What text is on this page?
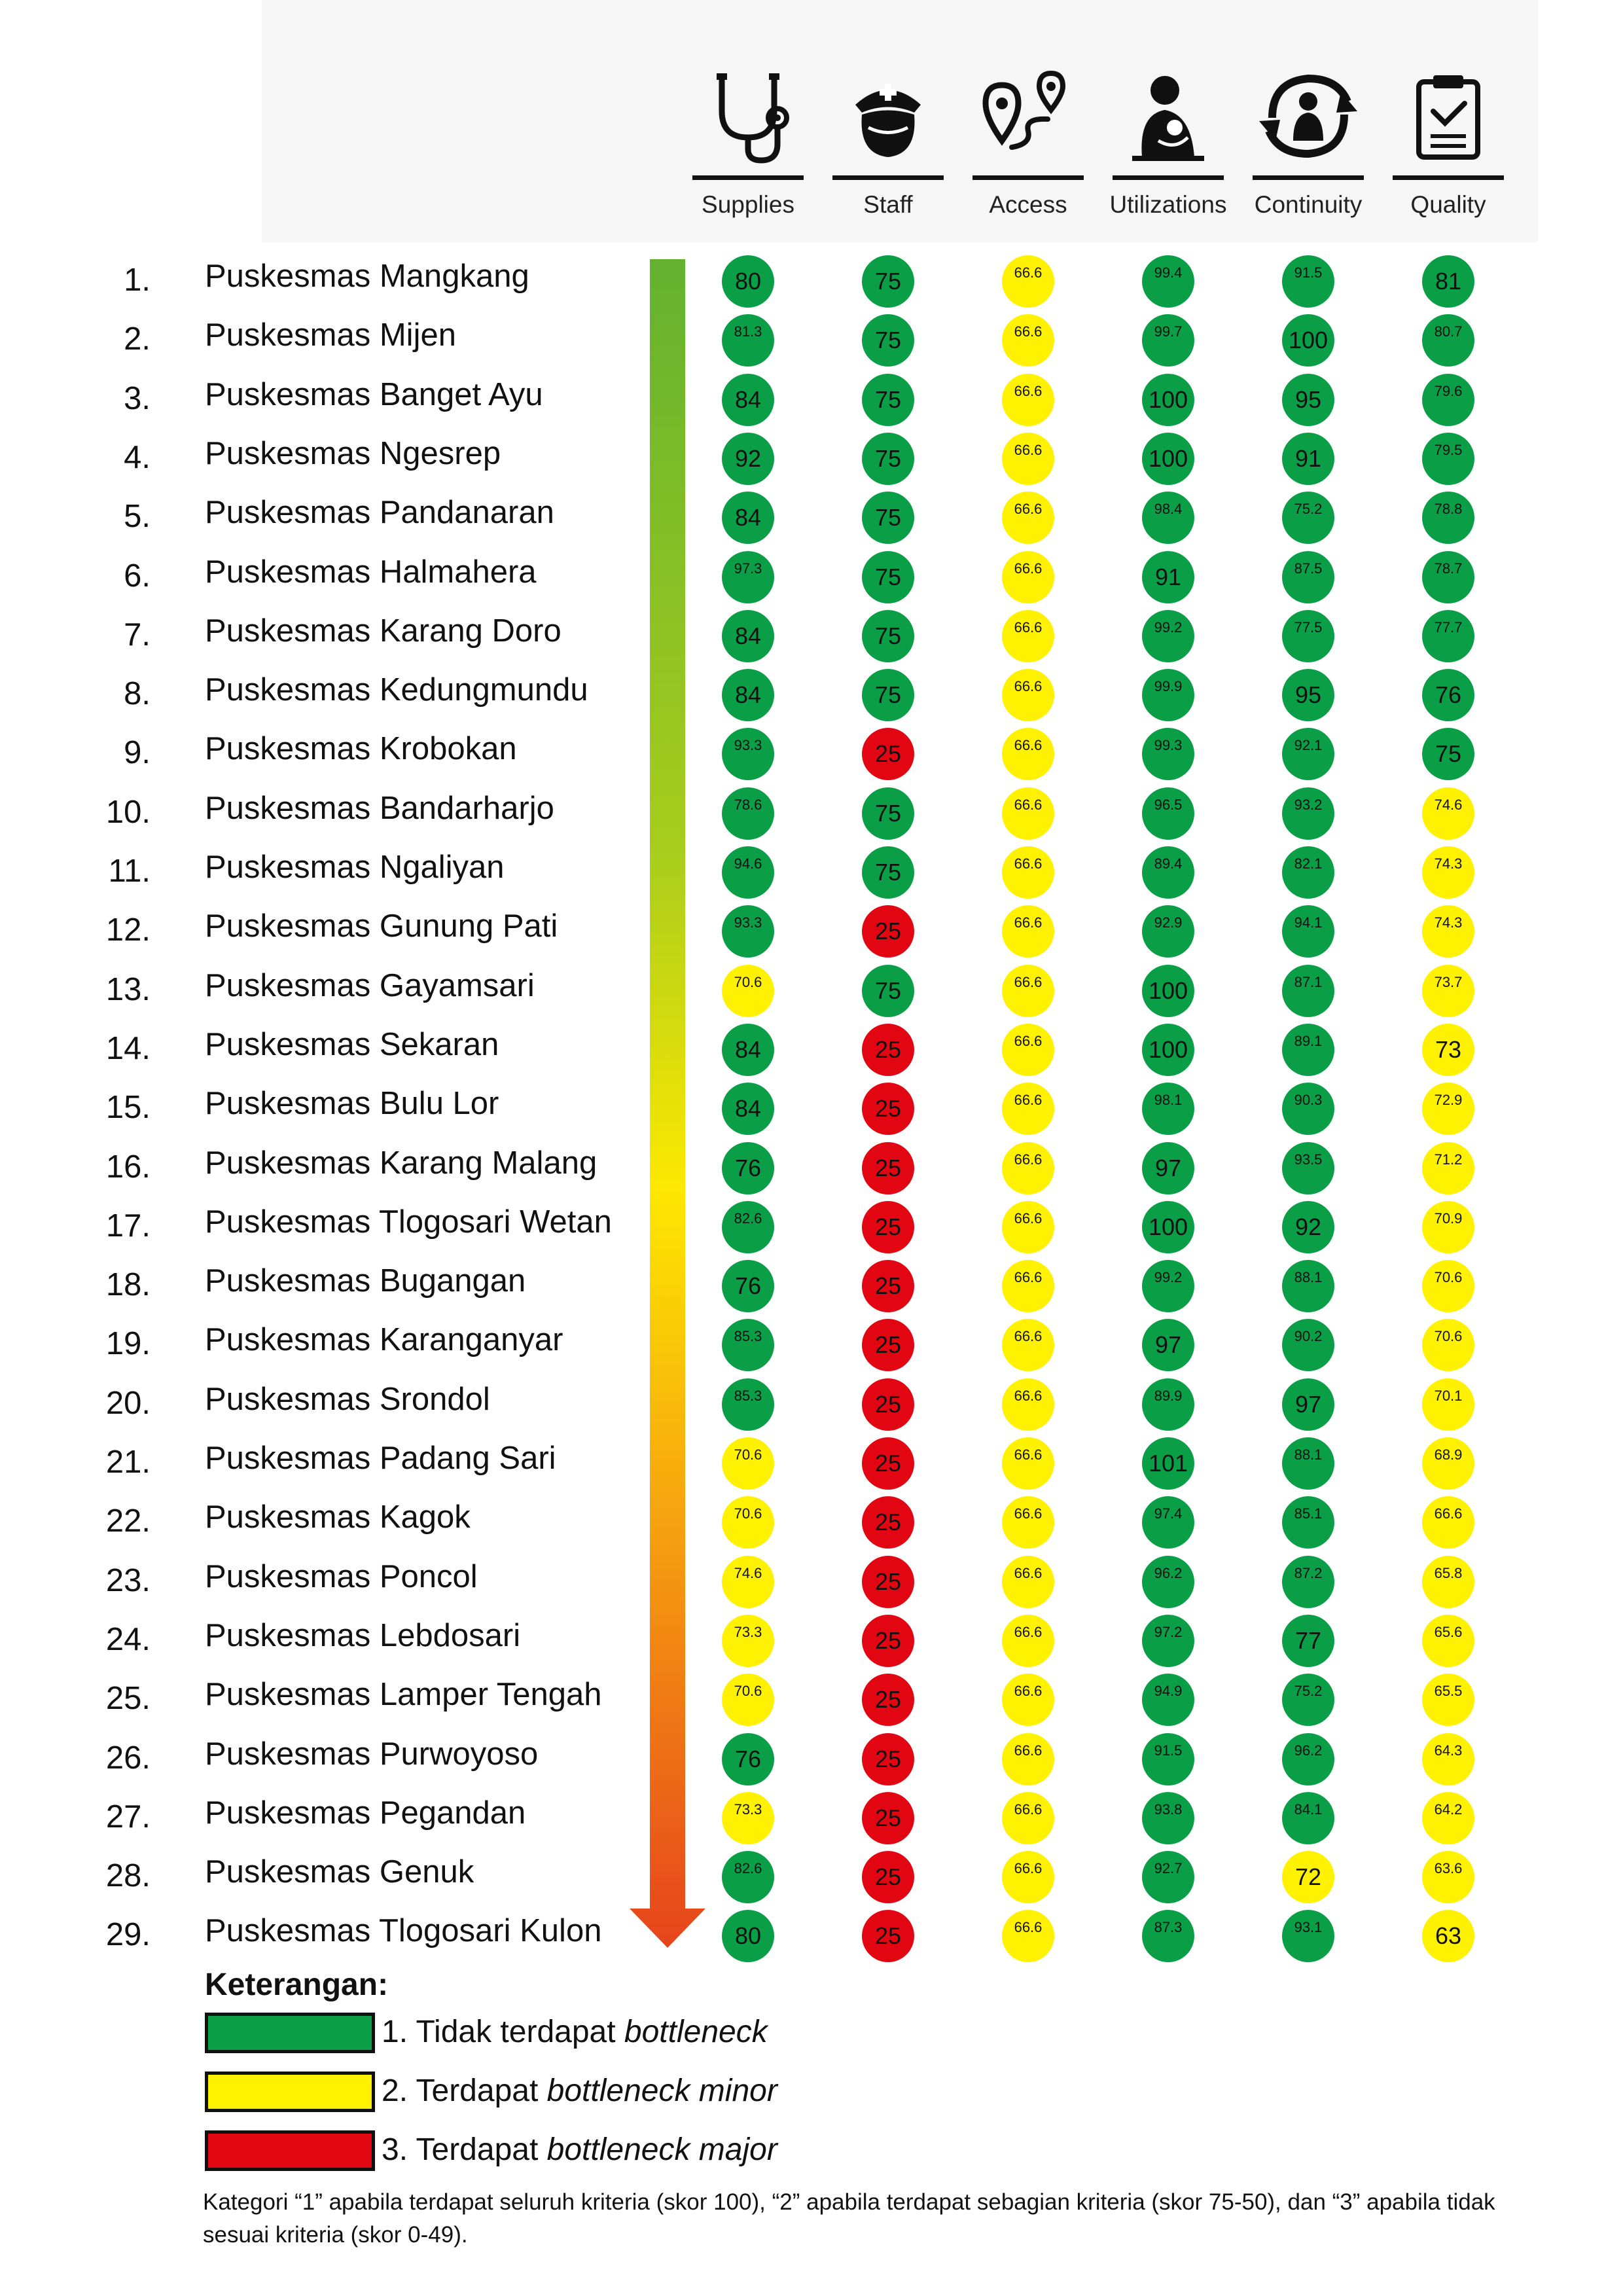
Supplies	Staff	Access	Utilizations	Continuity	Quality
1. Puskesmas Mangkang	80	75	66.6	99.4	91.5	81
2. Puskesmas Mijen	81.3	75	66.6	99.7	100	80.7
3. Puskesmas Banget Ayu	84	75	66.6	100	95	79.6
4. Puskesmas Ngesrep	92	75	66.6	100	91	79.5
5. Puskesmas Pandanaran	84	75	66.6	98.4	75.2	78.8
6. Puskesmas Halmahera	97.3	75	66.6	91	87.5	78.7
7. Puskesmas Karang Doro	84	75	66.6	99.2	77.5	77.7
8. Puskesmas Kedungmundu	84	75	66.6	99.9	95	76
9. Puskesmas Krobokan	93.3	25	66.6	99.3	92.1	75
10. Puskesmas Bandarharjo	78.6	75	66.6	96.5	93.2	74.6
11. Puskesmas Ngaliyan	94.6	75	66.6	89.4	82.1	74.3
12. Puskesmas Gunung Pati	93.3	25	66.6	92.9	94.1	74.3
13. Puskesmas Gayamsari	70.6	75	66.6	100	87.1	73.7
14. Puskesmas Sekaran	84	25	66.6	100	89.1	73
15. Puskesmas Bulu Lor	84	25	66.6	98.1	90.3	72.9
16. Puskesmas Karang Malang	76	25	66.6	97	93.5	71.2
17. Puskesmas Tlogosari Wetan	82.6	25	66.6	100	92	70.9
18. Puskesmas Bugangan	76	25	66.6	99.2	88.1	70.6
19. Puskesmas Karanganyar	85.3	25	66.6	97	90.2	70.6
20. Puskesmas Srondol	85.3	25	66.6	89.9	97	70.1
21. Puskesmas Padang Sari	70.6	25	66.6	101	88.1	68.9
22. Puskesmas Kagok	70.6	25	66.6	97.4	85.1	66.6
23. Puskesmas Poncol	74.6	25	66.6	96.2	87.2	65.8
24. Puskesmas Lebdosari	73.3	25	66.6	97.2	77	65.6
25. Puskesmas Lamper Tengah	70.6	25	66.6	94.9	75.2	65.5
26. Puskesmas Purwoyoso	76	25	66.6	91.5	96.2	64.3
27. Puskesmas Pegandan	73.3	25	66.6	93.8	84.1	64.2
28. Puskesmas Genuk	82.6	25	66.6	92.7	72	63.6
29. Puskesmas Tlogosari Kulon	80	25	66.6	87.3	93.1	63
Keterangan:
1. Tidak terdapat bottleneck
2. Terdapat bottleneck minor
3. Terdapat bottleneck major
Kategori “1” apabila terdapat seluruh kriteria (skor 100), “2” apabila terdapat sebagian kriteria (skor 75-50), dan “3” apabila tidak sesuai kriteria (skor 0-49).
